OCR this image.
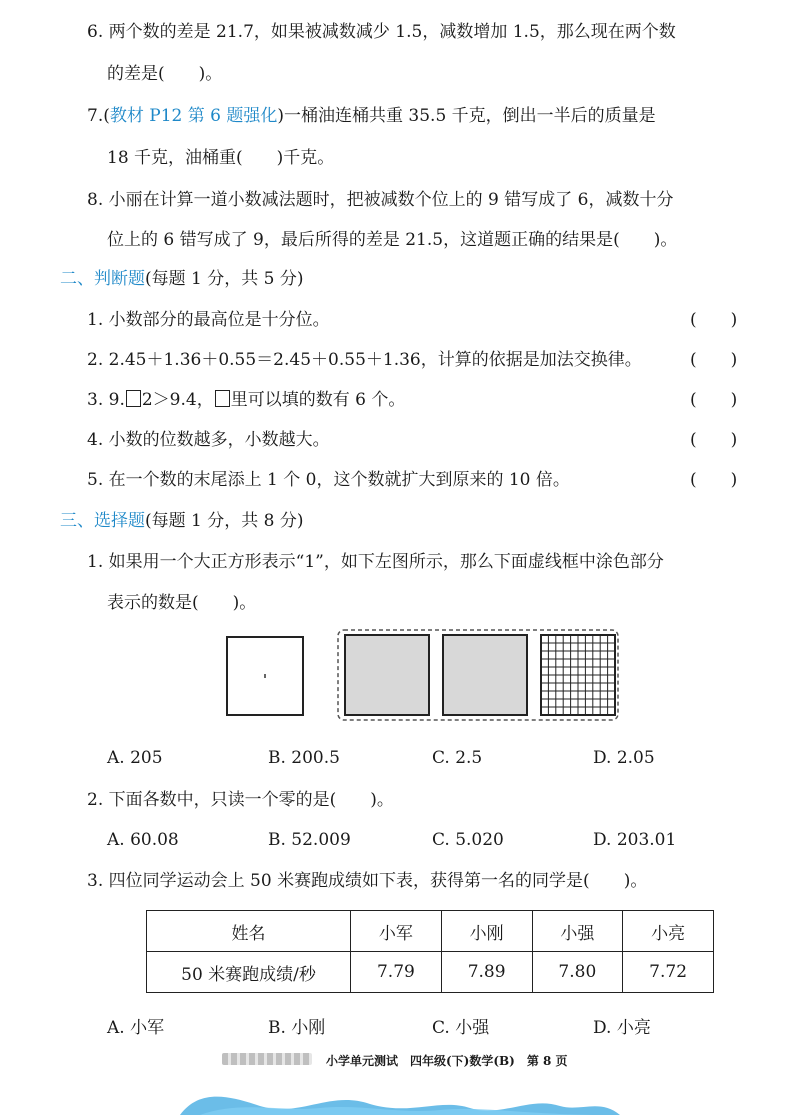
6. 两个数的差是 21.7，如果被减数减少 1.5，减数增加 1.5，那么现在两个数
的差是(　　)。
7.(教材 P12 第 6 题强化)一桶油连桶共重 35.5 千克，倒出一半后的质量是
18 千克，油桶重(　　)千克。
8. 小丽在计算一道小数减法题时，把被减数个位上的 9 错写成了 6，减数十分
位上的 6 错写成了 9，最后所得的差是 21.5，这道题正确的结果是(　　)。
二、判断题(每题 1 分，共 5 分)
1. 小数部分的最高位是十分位。	(　　)
2. 2.45＋1.36＋0.55＝2.45＋0.55＋1.36，计算的依据是加法交换律。	(　　)
3. 9. 2＞9.4， 里可以填的数有 6 个。	(　　)
4. 小数的位数越多，小数越大。	(　　)
5. 在一个数的末尾添上 1 个 0，这个数就扩大到原来的 10 倍。	(　　)
三、选择题(每题 1 分，共 8 分)
1. 如果用一个大正方形表示“1”，如下左图所示，那么下面虚线框中涂色部分
表示的数是(　　)。
A. 205	B. 200.5	C. 2.5	D. 2.05
2. 下面各数中，只读一个零的是(　　)。
A. 60.08	B. 52.009	C. 5.020	D. 203.01
3. 四位同学运动会上 50 米赛跑成绩如下表，获得第一名的同学是(　　)。
姓名	小军	小刚	小强	小亮
50 米赛跑成绩/秒	7.79	7.89	7.80	7.72
A. 小军	B. 小刚	C. 小强	D. 小亮
小学单元测试　四年级(下)数学(B)　第 8 页
